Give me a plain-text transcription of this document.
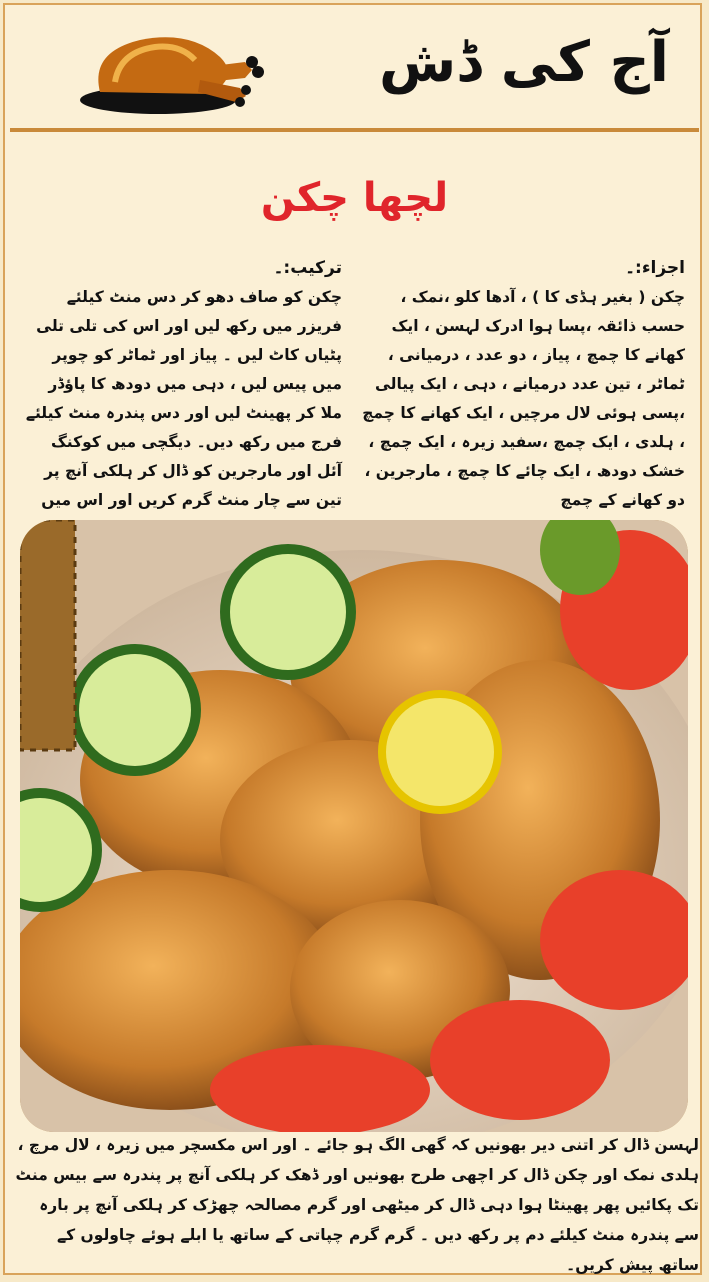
آج کی ڈش
لچھا چکن
اجزاء:۔
چکن ( بغیر ہڈی کا ) ، آدھا کلو ،نمک ، حسب ذائقہ ،پسا ہوا ادرک لہسن ، ایک کھانے کا چمچ ، پیاز ، دو عدد ، درمیانی ، ٹماٹر ، تین عدد درمیانے ، دہی ، ایک پیالی ،پسی ہوئی لال مرچیں ، ایک کھانے کا چمچ ، ہلدی ، ایک چمچ ،سفید زیرہ ، ایک چمچ ، خشک دودھ ، ایک چائے کا چمچ ، مارجرین ، دو کھانے کے چمچ
ترکیب:۔
چکن کو صاف دھو کر دس منٹ کیلئے فریزر میں رکھ لیں اور اس کی تلی تلی پٹیاں کاٹ لیں ۔ پیاز اور ٹماٹر کو چوپر میں پیس لیں ، دہی میں دودھ کا پاؤڈر ملا کر پھینٹ لیں اور دس پندرہ منٹ کیلئے فرج میں رکھ دیں۔ دیگچی میں کوکنگ آئل اور مارجرین کو ڈال کر ہلکی آنچ پر تین سے چار منٹ گرم کریں اور اس میں
لہسن ڈال کر اتنی دیر بھونیں کہ گھی الگ ہو جائے ۔ اور اس مکسچر میں زیرہ ، لال مرچ ، ہلدی نمک اور چکن ڈال کر اچھی طرح بھونیں اور ڈھک کر ہلکی آنچ پر پندرہ سے بیس منٹ تک پکائیں پھر پھینٹا ہوا دہی ڈال کر میٹھی اور گرم مصالحہ چھڑک کر ہلکی آنچ پر بارہ سے پندرہ منٹ کیلئے دم پر رکھ دیں ۔ گرم گرم چپاتی کے ساتھ یا ابلے ہوئے چاولوں کے ساتھ پیش کریں۔
